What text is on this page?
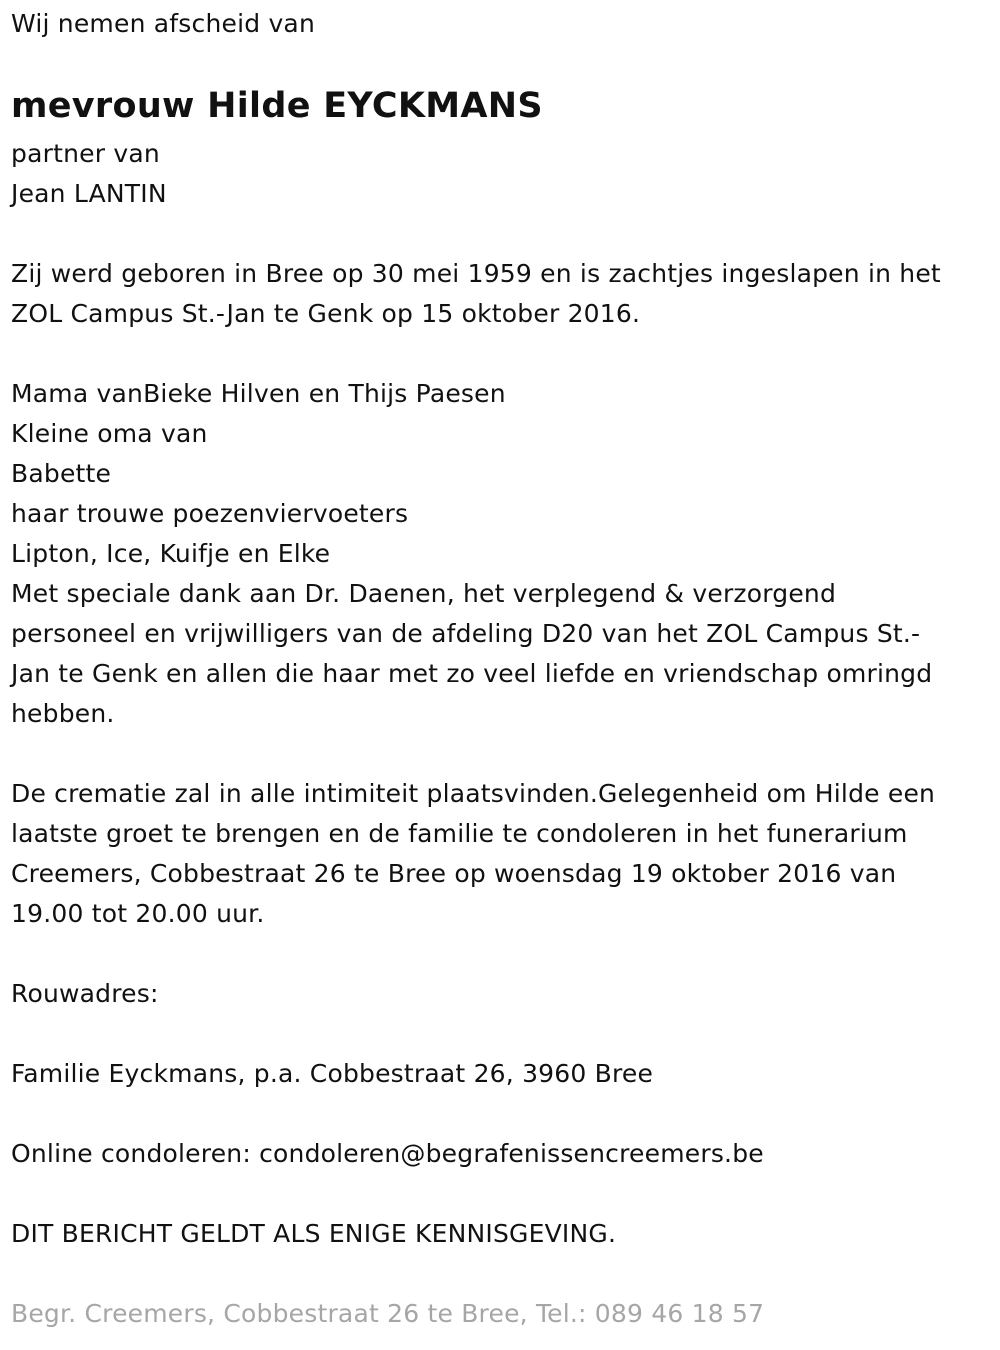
Wij nemen afscheid van
mevrouw Hilde EYCKMANS
partner van
Jean LANTIN
Zij werd geboren in Bree op 30 mei 1959 en is zachtjes ingeslapen in het
ZOL Campus St.-Jan te Genk op 15 oktober 2016.
Mama vanBieke Hilven en Thijs Paesen
Kleine oma van
Babette
haar trouwe poezenviervoeters
Lipton, Ice, Kuifje en Elke
Met speciale dank aan Dr. Daenen, het verplegend & verzorgend
personeel en vrijwilligers van de afdeling D20 van het ZOL Campus St.-
Jan te Genk en allen die haar met zo veel liefde en vriendschap omringd
hebben.
De crematie zal in alle intimiteit plaatsvinden.Gelegenheid om Hilde een
laatste groet te brengen en de familie te condoleren in het funerarium
Creemers, Cobbestraat 26 te Bree op woensdag 19 oktober 2016 van
19.00 tot 20.00 uur.
Rouwadres:
Familie Eyckmans, p.a. Cobbestraat 26, 3960 Bree
Online condoleren: condoleren@begrafenissencreemers.be
DIT BERICHT GELDT ALS ENIGE KENNISGEVING.
Begr. Creemers, Cobbestraat 26 te Bree, Tel.: 089 46 18 57
